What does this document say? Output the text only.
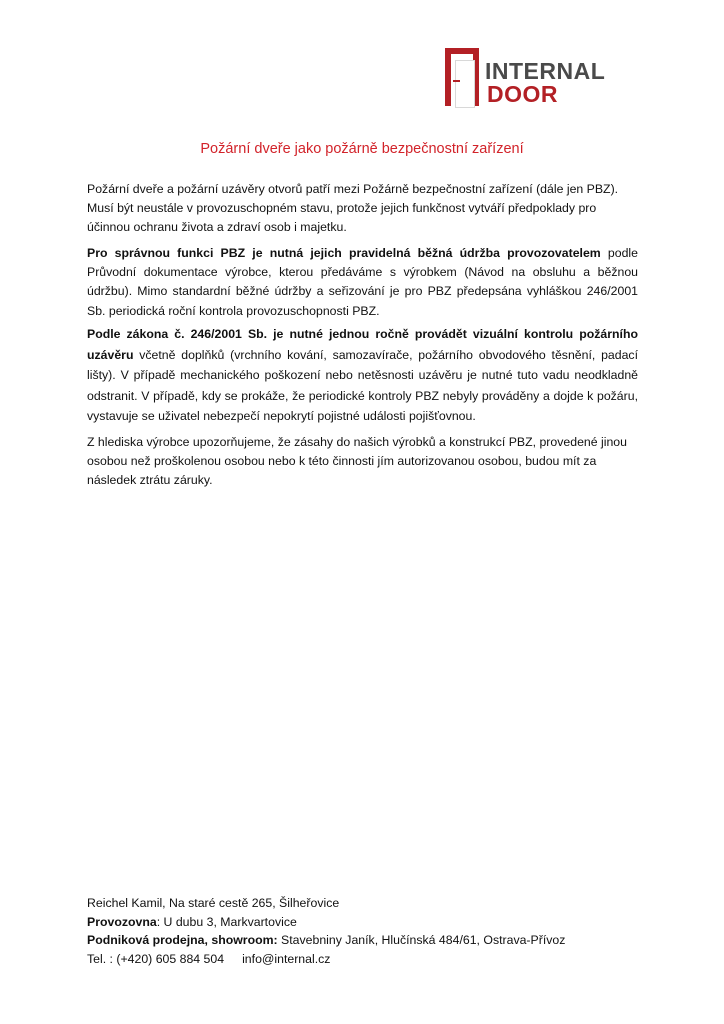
INTERNAL
DOOR
Požární dveře jako požárně bezpečnostní zařízení

Požární dveře a požární uzávěry otvorů patří mezi Požárně bezpečnostní zařízení (dále jen PBZ). Musí být neustále v provozuschopném stavu, protože jejich funkčnost vytváří předpoklady pro účinnou ochranu života a zdraví osob i majetku.

Pro správnou funkci PBZ je nutná jejich pravidelná běžná údržba provozovatelem podle Průvodní dokumentace výrobce, kterou předáváme s výrobkem (Návod na obsluhu a běžnou údržbu). Mimo standardní běžné údržby a seřizování je pro PBZ předepsána vyhláškou 246/2001 Sb. periodická roční kontrola provozuschopnosti PBZ.

Podle zákona č. 246/2001 Sb. je nutné jednou ročně provádět vizuální kontrolu požárního uzávěru včetně doplňků (vrchního kování, samozavírače, požárního obvodového těsnění, padací lišty). V případě mechanického poškození nebo netěsnosti uzávěru je nutné tuto vadu neodkladně odstranit. V případě, kdy se prokáže, že periodické kontroly PBZ nebyly prováděny a dojde k požáru, vystavuje se uživatel nebezpečí nepokrytí pojistné události pojišťovnou.

Z hlediska výrobce upozorňujeme, že zásahy do našich výrobků a konstrukcí PBZ, provedené jinou osobou než proškolenou osobou nebo k této činnosti jím autorizovanou osobou, budou mít za následek ztrátu záruky.

Reichel Kamil, Na staré cestě 265, Šilheřovice
Provozovna: U dubu 3, Markvartovice
Podniková prodejna, showroom: Stavebniny Janík, Hlučínská 484/61, Ostrava-Přívoz
Tel. : (+420) 605 884 504 info@internal.cz
